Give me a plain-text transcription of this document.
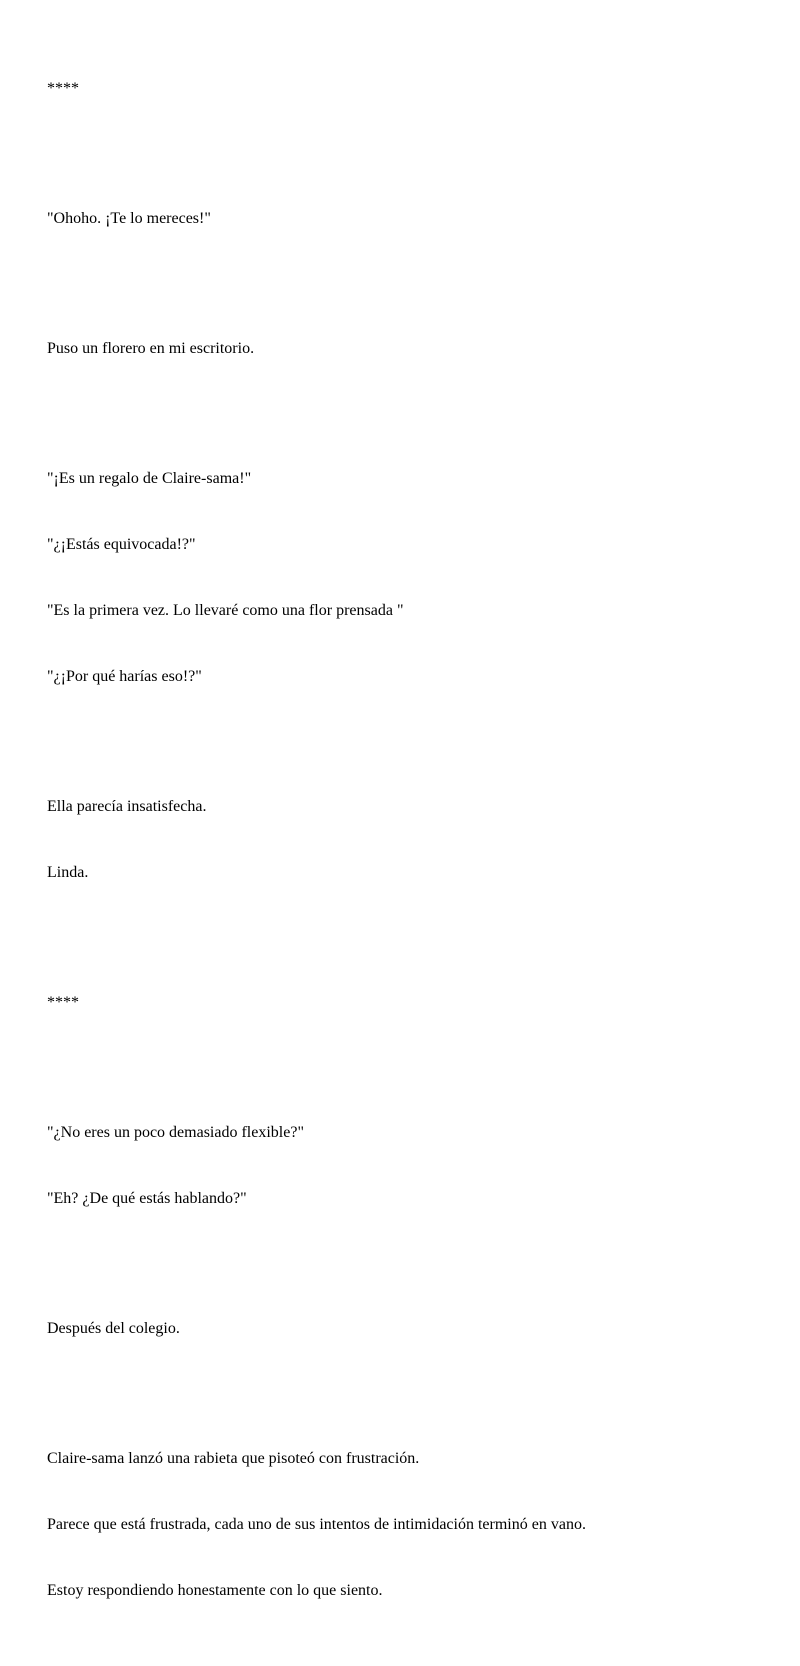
****

"Ohoho. ¡Te lo mereces!"

Puso un florero en mi escritorio.

"¡Es un regalo de Claire-sama!"

"¿¡Estás equivocada!?"

"Es la primera vez. Lo llevaré como una flor prensada "

"¿¡Por qué harías eso!?"

Ella parecía insatisfecha.

Linda.

****

"¿No eres un poco demasiado flexible?"

"Eh? ¿De qué estás hablando?"

Después del colegio.

Claire-sama lanzó una rabieta que pisoteó con frustración.

Parece que está frustrada, cada uno de sus intentos de intimidación terminó en vano.

Estoy respondiendo honestamente con lo que siento.
